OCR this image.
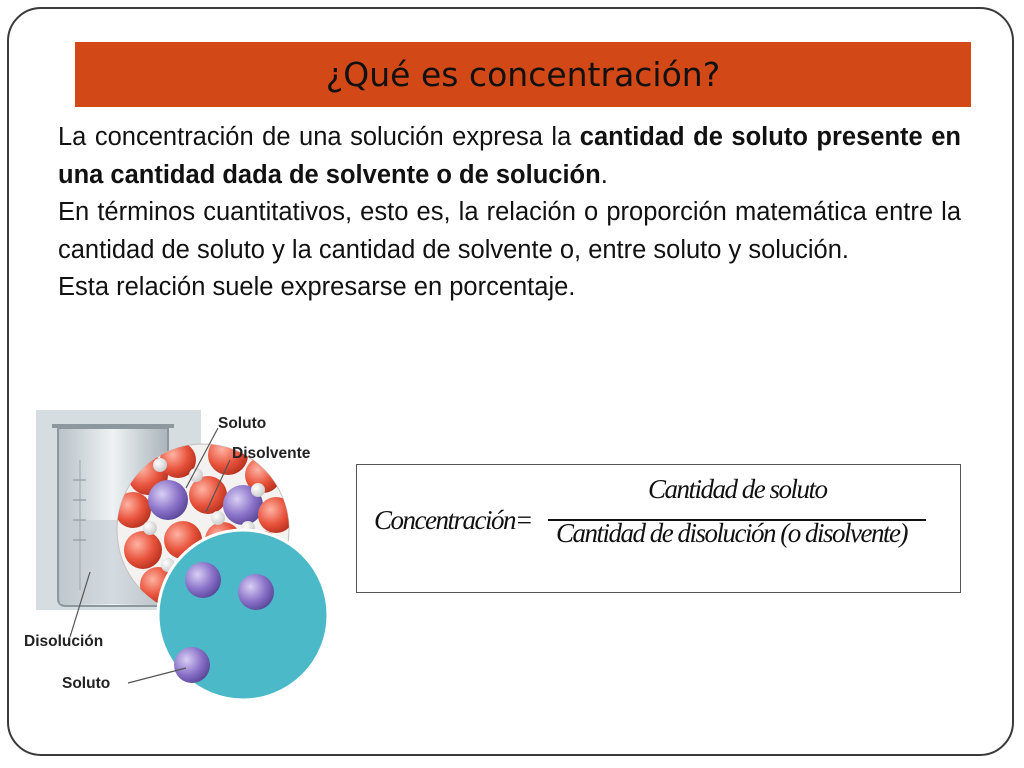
¿Qué es concentración?

La concentración de una solución expresa la cantidad de soluto presente en una cantidad dada de solvente o de solución.

En términos cuantitativos, esto es, la relación o proporción matemática entre la cantidad de soluto y la cantidad de solvente o, entre soluto y solución.

Esta relación suele expresarse en porcentaje.

Soluto
Disolvente
Disolución
Soluto
Concentración=
Cantidad de soluto
Cantidad de disolución (o disolvente)
